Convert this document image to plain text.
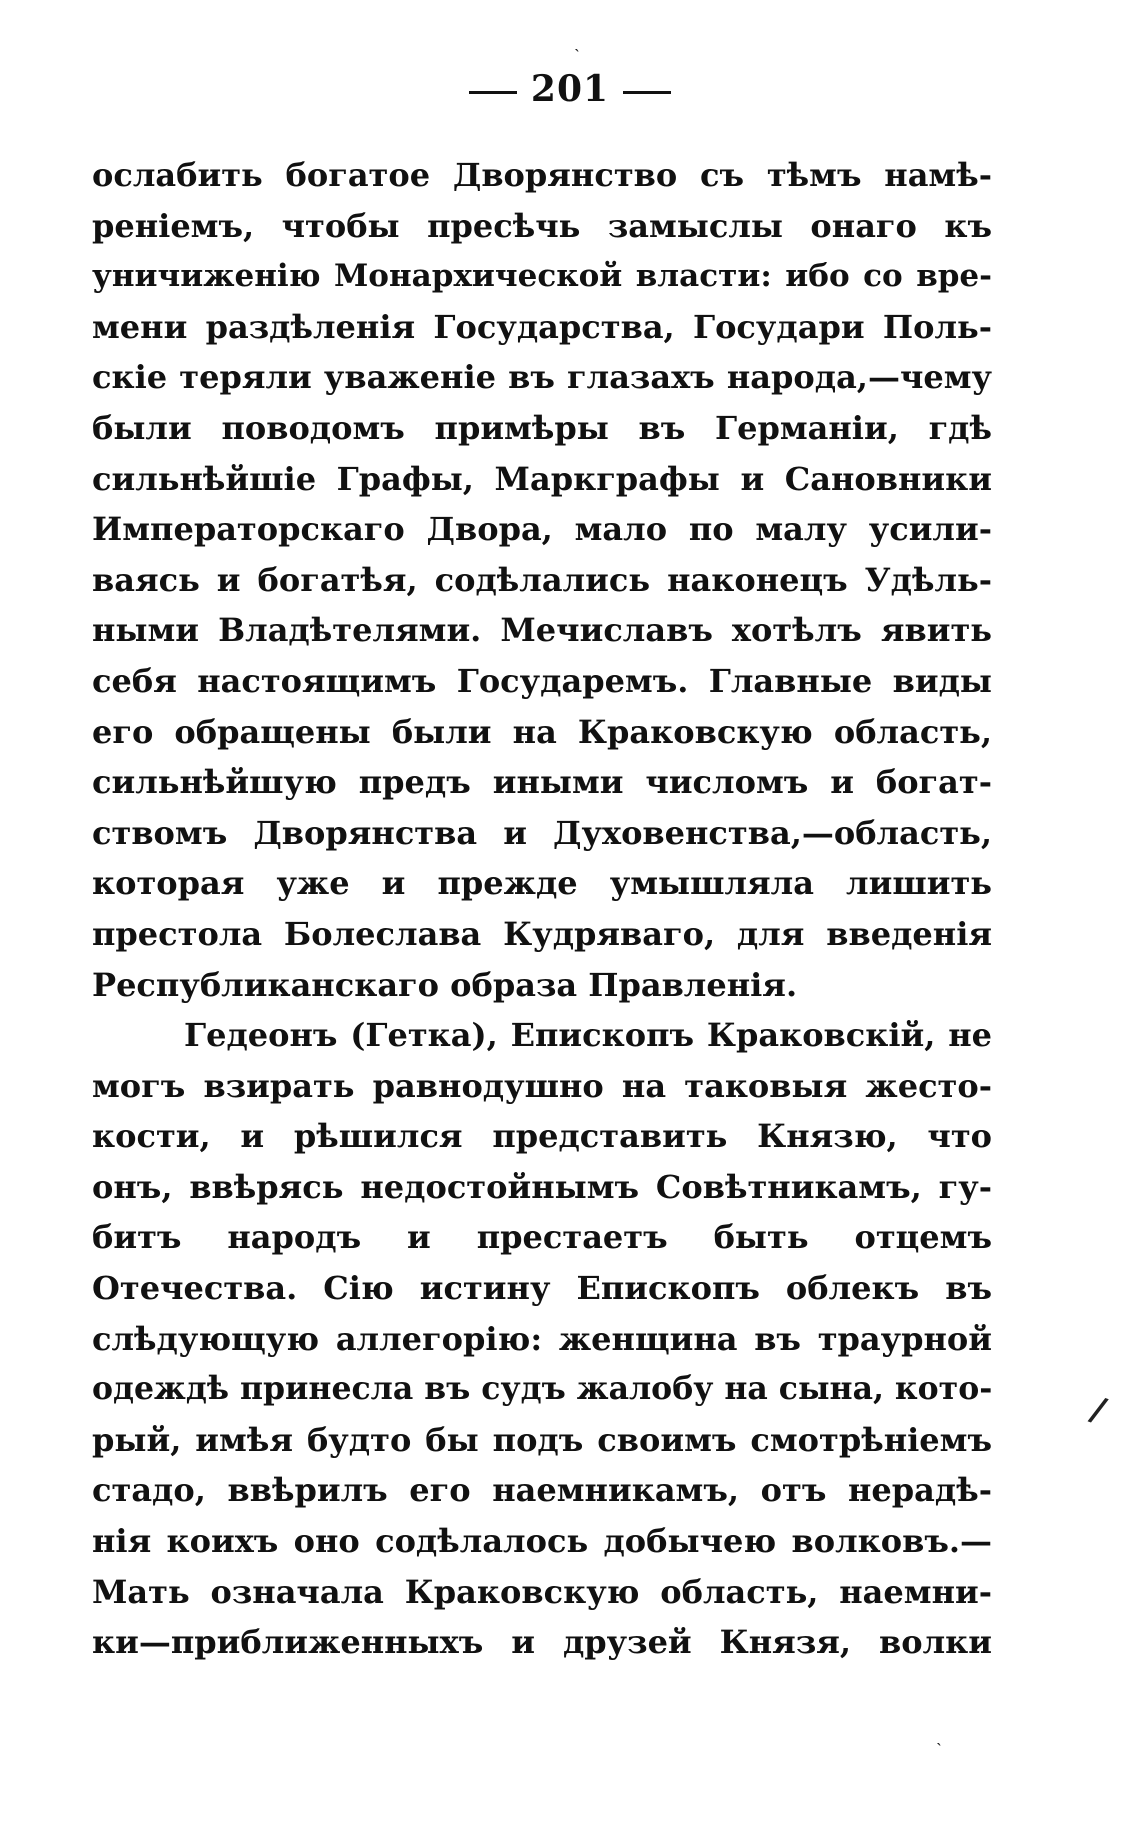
201
ˋ
ослабить богатое Дворянство съ тѣмъ намѣ-
реніемъ, чтобы пресѣчь замыслы онаго къ
уничиженію Монархической власти: ибо со вре-
мени раздѣленія Государства, Государи Поль-
скіе теряли уваженіе въ глазахъ народа,—чему
были поводомъ примѣры въ Германіи, гдѣ
сильнѣйшіе Графы, Маркграфы и Сановники
Императорскаго Двора, мало по малу усили-
ваясь и богатѣя, содѣлались наконецъ Удѣль-
ными Владѣтелями. Мечиславъ хотѣлъ явить
себя настоящимъ Государемъ. Главные виды
его обращены были на Краковскую область,
сильнѣйшую предъ иными числомъ и богат-
ствомъ Дворянства и Духовенства,—область,
которая уже и прежде умышляла лишить
престола Болеслава Кудряваго, для введенія
Республиканскаго образа Правленія.
Гедеонъ (Гетка), Епископъ Краковскій, не
могъ взирать равнодушно на таковыя жесто-
кости, и рѣшился представить Князю, что
онъ, ввѣрясь недостойнымъ Совѣтникамъ, гу-
битъ народъ и престаетъ быть отцемъ
Отечества. Сію истину Епископъ облекъ въ
слѣдующую аллегорію: женщина въ траурной
одеждѣ принесла въ судъ жалобу на сына, кото-
рый, имѣя будто бы подъ своимъ смотрѣніемъ
стадо, ввѣрилъ его наемникамъ, отъ нерадѣ-
нія коихъ оно содѣлалось добычею волковъ.—
Мать означала Краковскую область, наемни-
ки—приближенныхъ и друзей Князя, волки
/
ˋ
